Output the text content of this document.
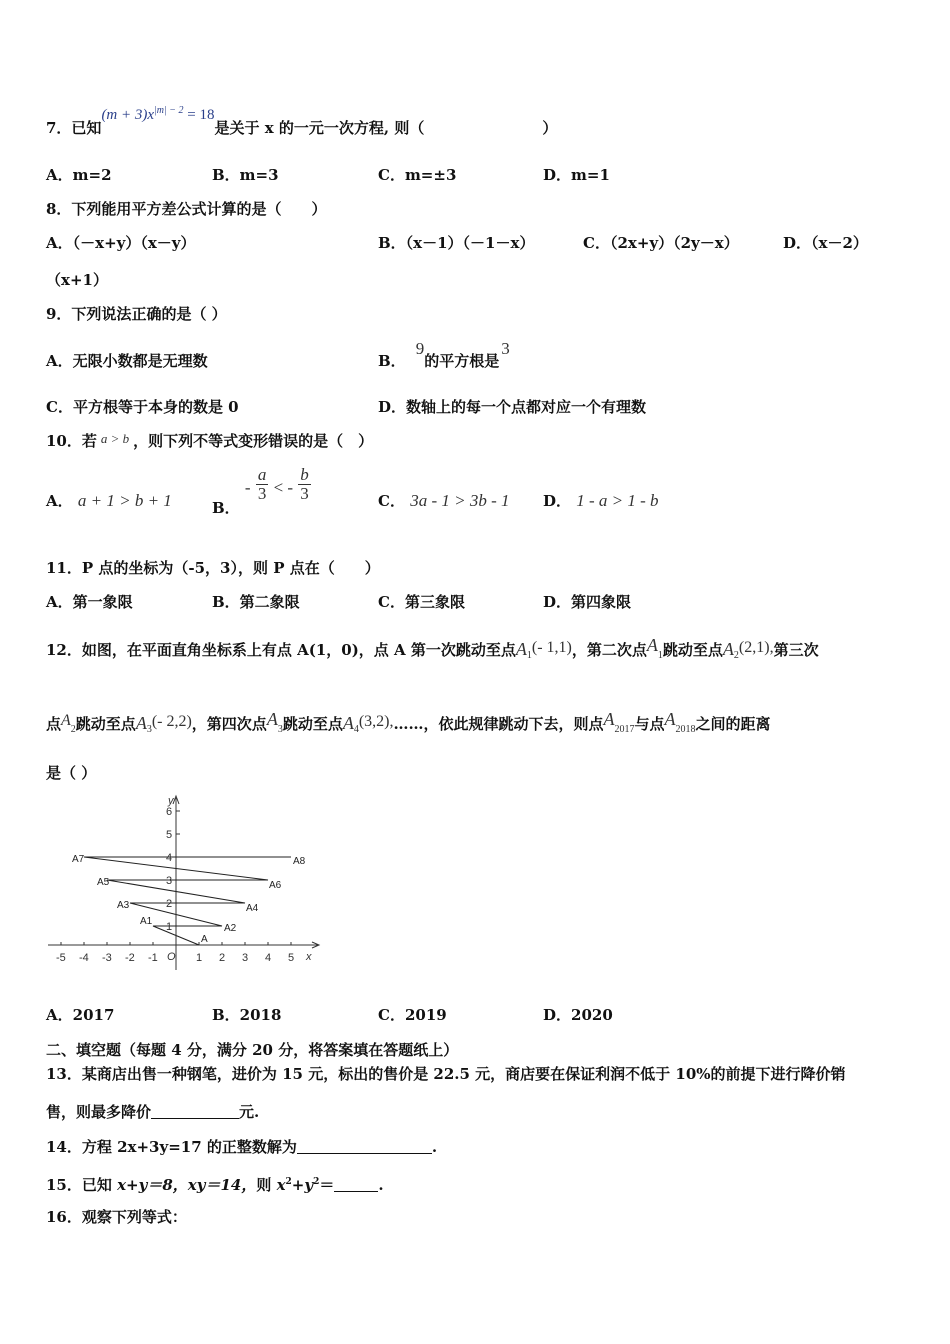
7．已知$(m + 3)x^{|m| - 2} = 18$是关于 x 的一元一次方程, 则（	）
A．m=2	B．m=3	C．m=±3	D．m=1
8．下列能用平方差公式计算的是（　　）
A．（－x+y）（x－y）	B．（x－1）（－1－x）	C．（2x+y）（2y－x）	D．（x－2）
（x+1）
9．下列说法正确的是（ ）
A．无限小数都是无理数	B．9的平方根是3
C．平方根等于本身的数是 0	D．数轴上的每一个点都对应一个有理数
10．若 a > b ，则下列不等式变形错误的是（　）
A． a + 1 > b + 1	B． - $\frac{a}{3}$ < - $\frac{b}{3}$	C． 3a - 1 > 3b - 1 D． 1 - a > 1 - b
11．P 点的坐标为（-5，3），则 P 点在（　　）
A．第一象限	B．第二象限	C．第三象限	D．第四象限
12．如图，在平面直角坐标系上有点 A(1，0)，点 A 第一次跳动至点$A_1(-$ 1,1)，第二次点$A_1$跳动至点$A_2(2,1)$,第三次
点$A_2$跳动至点$A_3(-$ 2,2)，第四次点$A_3$跳动至点$A_4(3,2),\dots\dots$，依此规律跳动下去，则点$A_{2017}$与点$A_{2018}$之间的距离
是（ ）
-5 -4 -3 -2 -1	1 2 3 4 5
O	x
y
1
2
3
4
5
6
A
A1
A2
A3	A4
A5	A6
A7	A8
A．2017	B．2018	C．2019	D．2020
二、填空题（每题 4 分，满分 20 分，将答案填在答题纸上）
13．某商店出售一种钢笔，进价为 15 元，标出的售价是 22.5 元，商店要在保证利润不低于 10%的前提下进行降价销
售，则最多降价	元.
14．方程 2x+3y=17 的正整数解为	.
15．已知 x+y＝8，xy＝14，则 $x^2+y^2=$	.
16．观察下列等式：
